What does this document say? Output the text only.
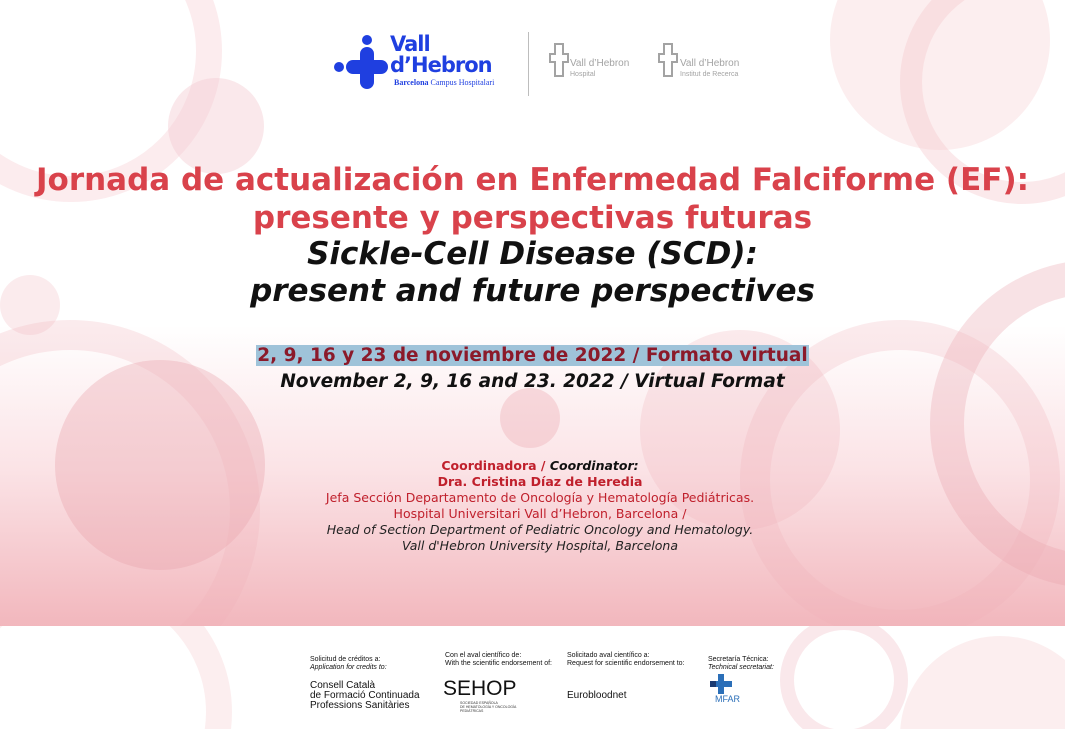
Vall
d’Hebron
Barcelona Campus Hospitalari
Vall d’Hebron
Hospital
Vall d’Hebron
Institut de Recerca
Jornada de actualización en Enfermedad Falciforme (EF):
presente y perspectivas futuras
Sickle-Cell Disease (SCD):
present and future perspectives
2, 9, 16 y 23 de noviembre de 2022 / Formato virtual
November 2, 9, 16 and 23. 2022 / Virtual Format
Coordinadora / Coordinator:
Dra. Cristina Díaz de Heredia
Jefa Sección Departamento de Oncología y Hematología Pediátricas.
Hospital Universitari Vall d’Hebron, Barcelona /
Head of Section Department of Pediatric Oncology and Hematology.
Vall d'Hebron University Hospital, Barcelona
Solicitud de créditos a:
Application for credits to:
Consell Català
de Formació Continuada
Professions Sanitàries
Con el aval científico de:
With the scientific endorsement of:
SEHOP
SOCIEDAD ESPAÑOLA
DE HEMATOLOGÍA Y ONCOLOGÍA
PEDIÁTRICAS
Solicitado aval científico a:
Request for scientific endorsement to:
Eurobloodnet
Secretaría Técnica:
Technical secretariat:
MFAR
